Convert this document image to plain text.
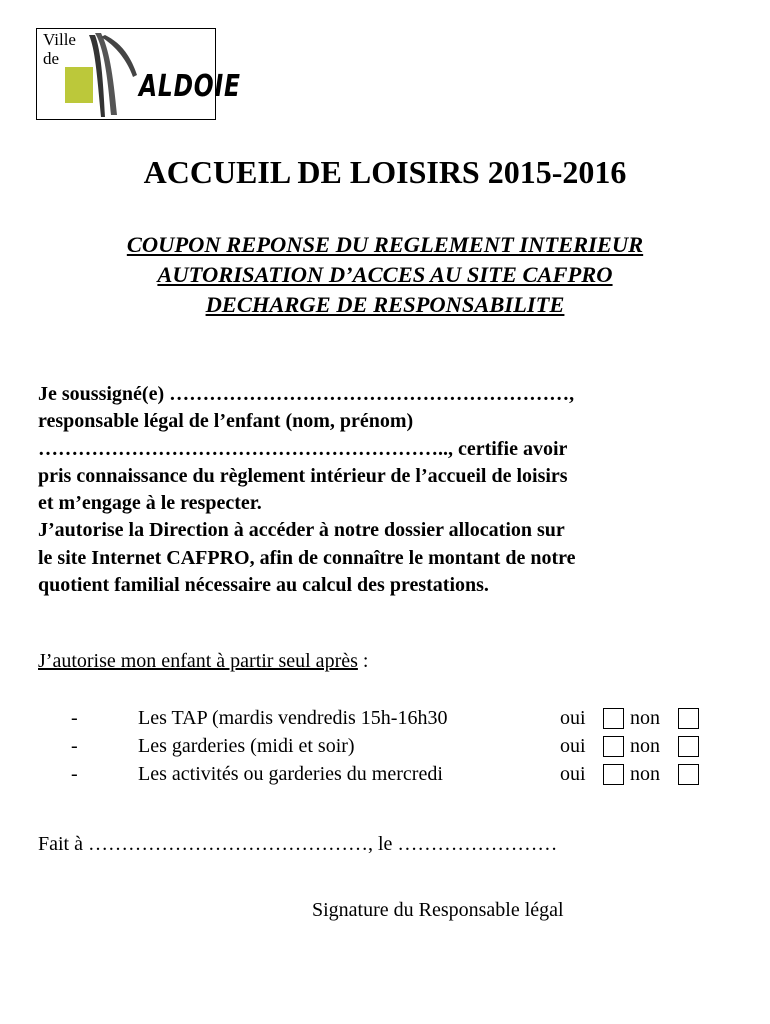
Ville
de
ALDOIE
ACCUEIL DE LOISIRS 2015-2016
COUPON REPONSE DU REGLEMENT INTERIEUR
AUTORISATION D’ACCES AU SITE CAFPRO
DECHARGE DE RESPONSABILITE
Je soussigné(e) ……………………………………………………,
responsable légal de l’enfant (nom, prénom)
…………………………………………………….., certifie avoir
pris connaissance du règlement intérieur de l’accueil de loisirs
et m’engage à le respecter.
J’autorise la Direction à accéder à notre dossier allocation sur
le site Internet CAFPRO, afin de connaître le montant de notre
quotient familial nécessaire au calcul des prestations.
J’autorise mon enfant à partir seul après :
-	Les TAP (mardis vendredis 15h-16h30	oui non
-	Les garderies (midi et soir)	oui non
-	Les activités ou garderies du mercredi	oui non
Fait à ……………………………………, le ……………………
Signature du Responsable légal
